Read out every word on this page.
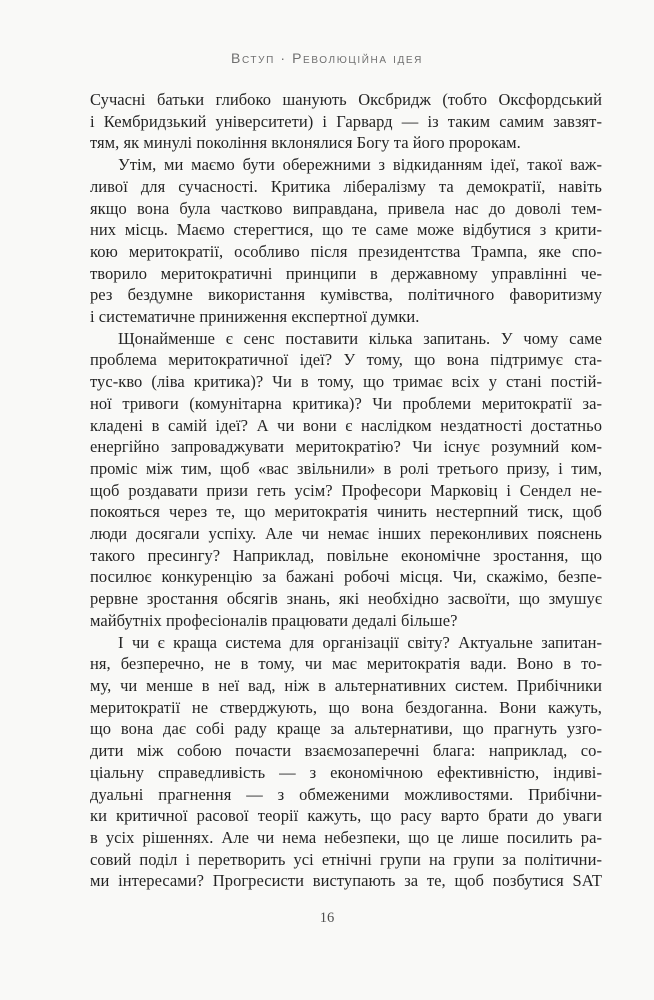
Вступ · Революційна ідея
Сучасні батьки глибоко шанують Оксбридж (тобто Оксфордський
і Кембридзький університети) і Гарвард — із таким самим завзят-
тям, як минулі покоління вклонялися Богу та його пророкам.
Утім, ми маємо бути обережними з відкиданням ідеї, такої важ-
ливої для сучасності. Критика лібералізму та демократії, навіть
якщо вона була частково виправдана, привела нас до доволі тем-
них місць. Маємо стерегтися, що те саме може відбутися з крити-
кою меритократії, особливо після президентства Трампа, яке спо-
творило меритократичні принципи в державному управлінні че-
рез бездумне використання кумівства, політичного фаворитизму
і систематичне приниження експертної думки.
Щонайменше є сенс поставити кілька запитань. У чому саме
проблема меритократичної ідеї? У тому, що вона підтримує ста-
тус-кво (ліва критика)? Чи в тому, що тримає всіх у стані постій-
ної тривоги (комунітарна критика)? Чи проблеми меритократії за-
кладені в самій ідеї? А чи вони є наслідком нездатності достатньо
енергійно запроваджувати меритократію? Чи існує розумний ком-
проміс між тим, щоб «вас звільнили» в ролі третього призу, і тим,
щоб роздавати призи геть усім? Професори Марковіц і Сендел не-
покояться через те, що меритократія чинить нестерпний тиск, щоб
люди досягали успіху. Але чи немає інших переконливих пояснень
такого пресингу? Наприклад, повільне економічне зростання, що
посилює конкуренцію за бажані робочі місця. Чи, скажімо, безпе-
рервне зростання обсягів знань, які необхідно засвоїти, що змушує
майбутніх професіоналів працювати дедалі більше?
І чи є краща система для організації світу? Актуальне запитан-
ня, безперечно, не в тому, чи має меритократія вади. Воно в то-
му, чи менше в неї вад, ніж в альтернативних систем. Прибічники
меритократії не стверджують, що вона бездоганна. Вони кажуть,
що вона дає собі раду краще за альтернативи, що прагнуть узго-
дити між собою почасти взаємозаперечні блага: наприклад, со-
ціальну справедливість — з економічною ефективністю, індиві-
дуальні прагнення — з обмеженими можливостями. Прибічни-
ки критичної расової теорії кажуть, що расу варто брати до уваги
в усіх рішеннях. Але чи нема небезпеки, що це лише посилить ра-
совий поділ і перетворить усі етнічні групи на групи за політични-
ми інтересами? Прогресисти виступають за те, щоб позбутися SAT
16
